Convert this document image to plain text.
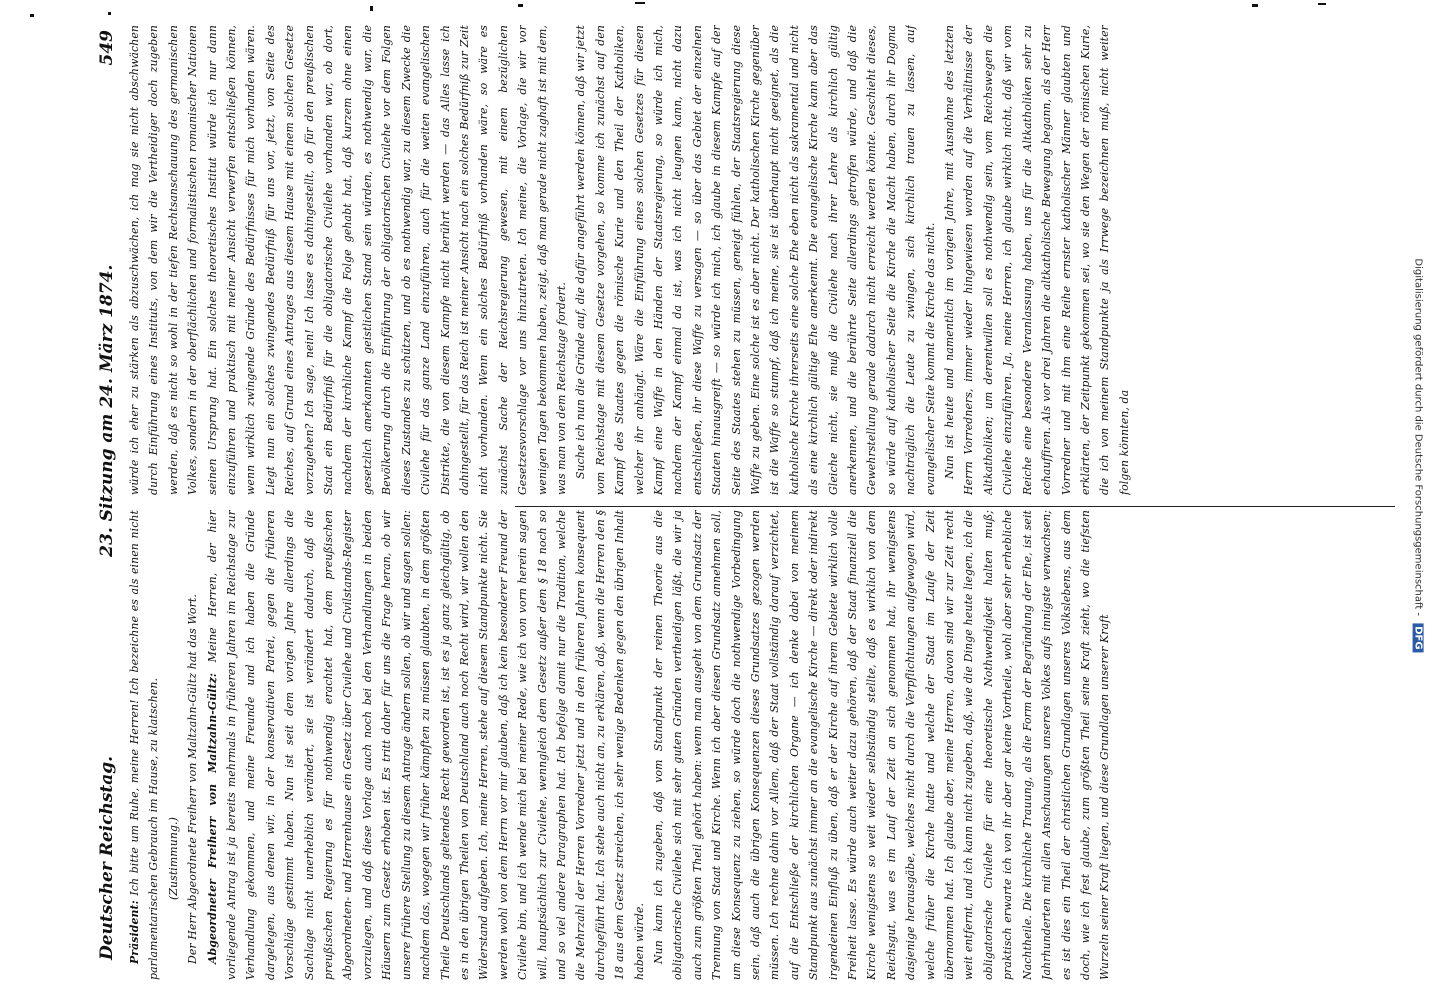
Deutscher Reichstag.
23. Sitzung am 24. März 1874.
549

Präsident: Ich bitte um Ruhe, meine Herren! Ich bezeichne es als einen nicht parlamentarischen Gebrauch im Hause, zu klatschen. (Zustimmung.) Der Herr Abgeordnete Freiherr von Maltzahn-Gültz hat das Wort. Abgeordneter Freiherr von Maltzahn-Gültz: Meine Herren, der hier vorliegende Antrag ist ja bereits mehrmals in früheren Jahren im Reichstage zur Verhandlung gekommen, und meine Freunde und ich haben die Gründe dargelegen, aus denen wir, in der konservativen Partei, gegen die früheren Vorschläge gestimmt haben. Nun ist seit dem vorigen Jahre allerdings die Sachlage nicht unerheblich verändert, sie ist verändert dadurch, daß die preußischen Regierung es für nothwendig erachtet hat, dem preußischen Abgeordneten- und Herrenhause ein Gesetz über Civilehe und Civilstands-Register vorzulegen, und daß diese Vorlage auch noch bei den Verhandlungen in beiden Häusern zum Gesetz erhoben ist. Es tritt daher für uns die Frage heran, ob wir unsere frühere Stellung zu diesem Antrage ändern sollen, ob wir und sagen sollen: nachdem das, wogegen wir früher kämpften zu müssen glaubten, in dem größten Theile Deutschlands geltendes Recht geworden ist, ist es ja ganz gleichgültig, ob es in den übrigen Theilen von Deutschland auch noch Recht wird, wir wollen den Widerstand aufgeben. Ich, meine Herren, stehe auf diesem Standpunkte nicht. Sie werden wohl von dem Herrn vor mir glauben, daß ich kein besonderer Freund der Civilehe bin, und ich wende mich bei meiner Rede, wie ich von vorn herein sagen will, hauptsächlich zur Civilehe, wenngleich dem Gesetz außer dem § 18 noch so und so viel andere Paragraphen hat. Ich befolge damit nur die Tradition, welche die Mehrzahl der Herren Vorredner jetzt und in den früheren Jahren konsequent durchgeführt hat. Ich stehe auch nicht an, zu erklären, daß, wenn die Herren den § 18 aus dem Gesetz streichen, ich sehr wenige Bedenken gegen den übrigen Inhalt haben würde. Nun kann ich zugeben, daß vom Standpunkt der reinen Theorie aus die obligatorische Civilehe sich mit sehr guten Gründen vertheidigen läßt, die wir ja auch zum größten Theil gehört haben: wenn man ausgeht von dem Grundsatz der Trennung von Staat und Kirche. Wenn ich aber diesen Grundsatz annehmen soll, um diese Konsequenz zu ziehen, so würde doch die nothwendige Vorbedingung sein, daß auch die übrigen Konsequenzen dieses Grundsatzes gezogen werden müssen. Ich rechne dahin vor Allem, daß der Staat vollständig darauf verzichtet, auf die Entschließe der kirchlichen Organe — ich denke dabei von meinem Standpunkt aus zunächst immer an die evangelische Kirche — direkt oder indirekt irgendeinen Einfluß zu üben, daß er der Kirche auf ihrem Gebiete wirklich volle Freiheit lasse. Es würde auch weiter dazu gehören, daß der Staat finanziell die Kirche wenigstens so weit wieder selbständig stellte, daß es wirklich von dem Reichsgut, was es im Lauf der Zeit an sich genommen hat, ihr wenigstens dasjenige herausgäbe, welches nicht durch die Verpflichtungen aufgewogen wird, welche früher die Kirche hatte und welche der Staat im Laufe der Zeit übernommen hat. Ich glaube aber, meine Herren, davon sind wir zur Zeit recht weit entfernt, und ich kann nicht zugeben, daß, wie die Dinge heute liegen, ich die obligatorische Civilehe für eine theoretische Nothwendigkeit halten muß; praktisch erwarte ich von ihr aber gar keine Vortheile, wohl aber sehr erhebliche Nachtheile. Die kirchliche Trauung, als die Form der Begründung der Ehe, ist seit Jahrhunderten mit allen Anschauungen unseres Volkes aufs innigste verwachsen; es ist dies ein Theil der christlichen Grundlagen unseres Volkslebens, aus dem doch, wie ich fest glaube, zum größten Theil seine Kraft zieht, wo die tiefsten Wurzeln seiner Kraft liegen, und diese Grundlagen unserer Kraft

würde ich eher zu stärken als abzuschwächen, ich mag sie nicht abschwächen durch Einführung eines Instituts, von dem wir die Vertheidiger doch zugeben werden, daß es nicht so wohl in der tiefen Rechtsanschauung des germanischen Volkes, sondern in der oberflächlichen und formalistischen romanischer Nationen seinen Ursprung hat. Ein solches theoretisches Institut würde ich nur dann einzuführen und praktisch mit meiner Ansicht verwerfen entschließen können, wenn wirklich zwingende Gründe des Bedürfnisses für mich vorhanden wären. Liegt nun ein solches zwingendes Bedürfniß für uns vor, jetzt, von Seite des Reiches, auf Grund eines Antrages aus diesem Hause mit einem solchen Gesetze vorzugehen? Ich sage, nein! Ich lasse es dahingestellt, ob für den preußischen Staat ein Bedürfniß für die obligatorische Civilehe vorhanden war, ob dort, nachdem der kirchliche Kampf die Folge gehabt hat, daß kurzem ohne einen gesetzlich anerkannten geistlichen Stand sein würden, es nothwendig war, die Bevölkerung durch die Einführung der obligatorischen Civilehe vor dem Folgen dieses Zustandes zu schützen, und ob es nothwendig war, zu diesem Zwecke die Civilehe für das ganze Land einzuführen, auch für die weiten evangelischen Distrikte, die von diesem Kampfe nicht berührt werden — das Alles lasse ich dahingestellt, für das Reich ist meiner Ansicht nach ein solches Bedürfniß zur Zeit nicht vorhanden. Wenn ein solches Bedürfniß vorhanden wäre, so wäre es zunächst Sache der Reichsregierung gewesen, mit einem bezüglichen Gesetzesvorschlage vor uns hinzutreten. Ich meine, die Vorlage, die wir vor wenigen Tagen bekommen haben, zeigt, daß man gerade nicht zaghaft ist mit dem, was man von dem Reichstage fordert. Suche ich nun die Gründe auf, die dafür angeführt werden können, daß wir jetzt vom Reichstage mit diesem Gesetze vorgehen, so komme ich zunächst auf den Kampf des Staates gegen die römische Kurie und den Theil der Katholiken, welcher ihr anhängt. Wäre die Einführung eines solchen Gesetzes für diesen Kampf eine Waffe in den Händen der Staatsregierung, so würde ich mich, nachdem der Kampf einmal da ist, was ich nicht leugnen kann, nicht dazu entschließen, ihr diese Waffe zu versagen — so über das Gebiet der einzelnen Staaten hinausgreift — so würde ich mich, ich glaube in diesem Kampfe auf der Seite des Staates stehen zu müssen, geneigt fühlen, der Staatsregierung diese Waffe zu geben. Eine solche ist es aber nicht. Der katholischen Kirche gegenüber ist die Waffe so stumpf, daß ich meine, sie ist überhaupt nicht geeignet, als die katholische Kirche ihrerseits eine solche Ehe eben nicht als sakramental und nicht als eine kirchlich gültige Ehe anerkennt. Die evangelische Kirche kann aber das Gleiche nicht, sie muß die Civilehe nach ihrer Lehre als kirchlich gültig anerkennen, und die berührte Seite allerdings getroffen würde, und daß die Gewehrstellung gerade dadurch nicht erreicht werden könnte. Geschieht dieses, so würde auf katholischer Seite die Kirche die Macht haben, durch ihr Dogma nachträglich die Leute zu zwingen, sich kirchlich trauen zu lassen, auf evangelischer Seite kommt die Kirche das nicht. Nun ist heute und namentlich im vorigen Jahre, mit Ausnahme des letzten Herrn Vorredners, immer wieder hingewiesen worden auf die Verhältnisse der Altkatholiken; um derentwillen soll es nothwendig sein, vom Reichswegen die Civilehe einzuführen. Ja, meine Herren, ich glaube wirklich nicht, daß wir vom Reiche eine besondere Veranlassung haben, uns für die Altkatholiken sehr zu echauffiren. Als vor drei Jahren die altkatholische Bewegung begann, als der Herr Vorredner und mit ihm eine Reihe ernster katholischer Männer glaubten und erklärten, der Zeitpunkt gekommen sei, wo sie den Wegen der römischen Kurie, die ich von meinem Standpunkte ja als Irrwege bezeichnen muß, nicht weiter folgen könnten, da	Digitalisierung gefördert durch die Deutsche Forschungsgemeinschaft - DFG
